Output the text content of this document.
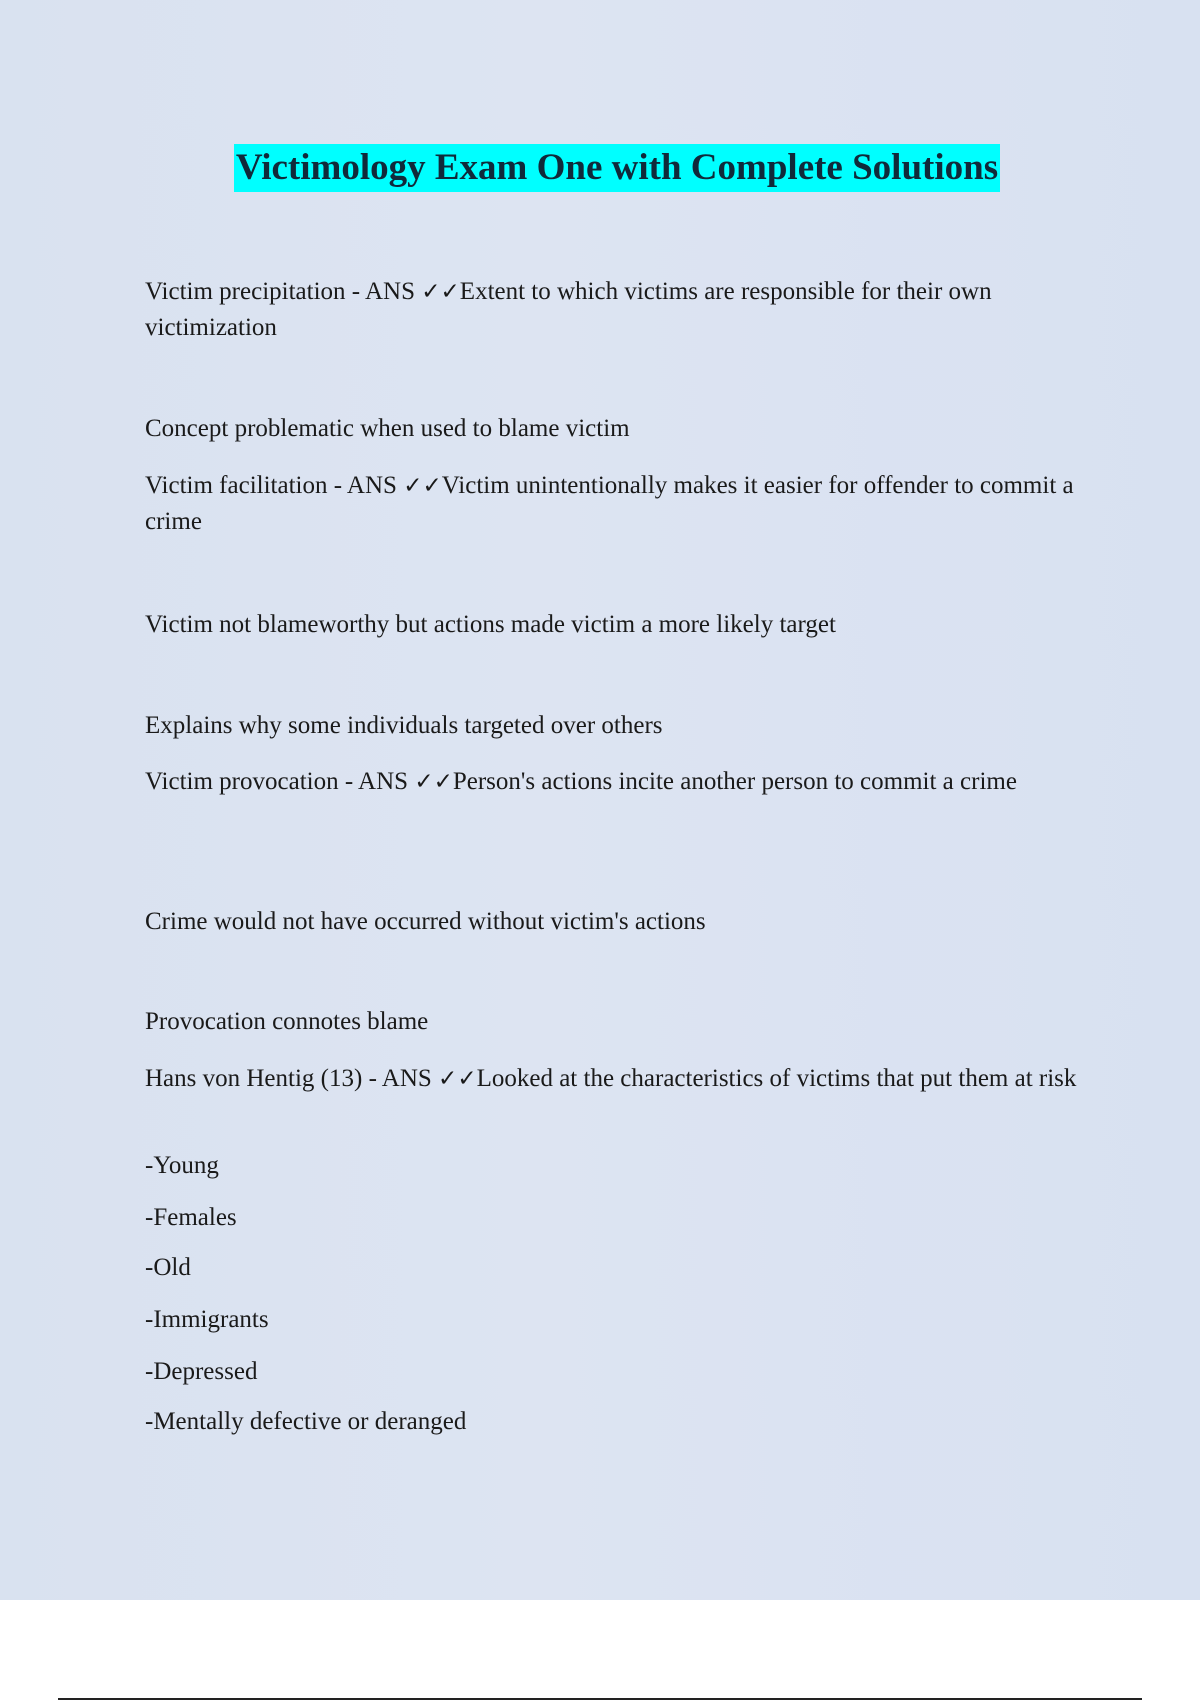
Victimology Exam One with Complete Solutions
Victim precipitation - ANS ✓✓Extent to which victims are responsible for their own victimization
Concept problematic when used to blame victim
Victim facilitation - ANS ✓✓Victim unintentionally makes it easier for offender to commit a crime
Victim not blameworthy but actions made victim a more likely target
Explains why some individuals targeted over others
Victim provocation - ANS ✓✓Person's actions incite another person to commit a crime
Crime would not have occurred without victim's actions
Provocation connotes blame
Hans von Hentig (13) - ANS ✓✓Looked at the characteristics of victims that put them at risk
-Young
-Females
-Old
-Immigrants
-Depressed
-Mentally defective or deranged
